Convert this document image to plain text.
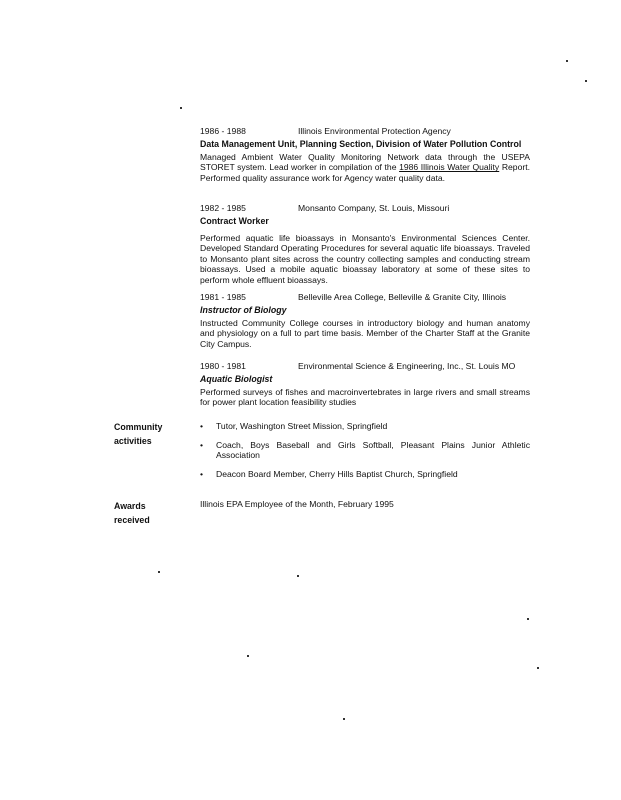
1986 - 1988	Illinois Environmental Protection Agency
Data Management Unit, Planning Section, Division of Water Pollution Control
Managed Ambient Water Quality Monitoring Network data through the USEPA STORET system. Lead worker in compilation of the 1986 Illinois Water Quality Report. Performed quality assurance work for Agency water quality data.
1982 - 1985	Monsanto Company, St. Louis, Missouri
Contract Worker
Performed aquatic life bioassays in Monsanto's Environmental Sciences Center. Developed Standard Operating Procedures for several aquatic life bioassays. Traveled to Monsanto plant sites across the country collecting samples and conducting stream bioassays. Used a mobile aquatic bioassay laboratory at some of these sites to perform whole effluent bioassays.
1981 - 1985	Belleville Area College, Belleville & Granite City, Illinois
Instructor of Biology
Instructed Community College courses in introductory biology and human anatomy and physiology on a full to part time basis. Member of the Charter Staff at the Granite City Campus.
1980 - 1981	Environmental Science & Engineering, Inc., St. Louis MO
Aquatic Biologist
Performed surveys of fishes and macroinvertebrates in large rivers and small streams for power plant location feasibility studies
Community
activities
• Tutor, Washington Street Mission, Springfield
• Coach, Boys Baseball and Girls Softball, Pleasant Plains Junior Athletic Association
• Deacon Board Member, Cherry Hills Baptist Church, Springfield
Awards
received
Illinois EPA Employee of the Month, February 1995
